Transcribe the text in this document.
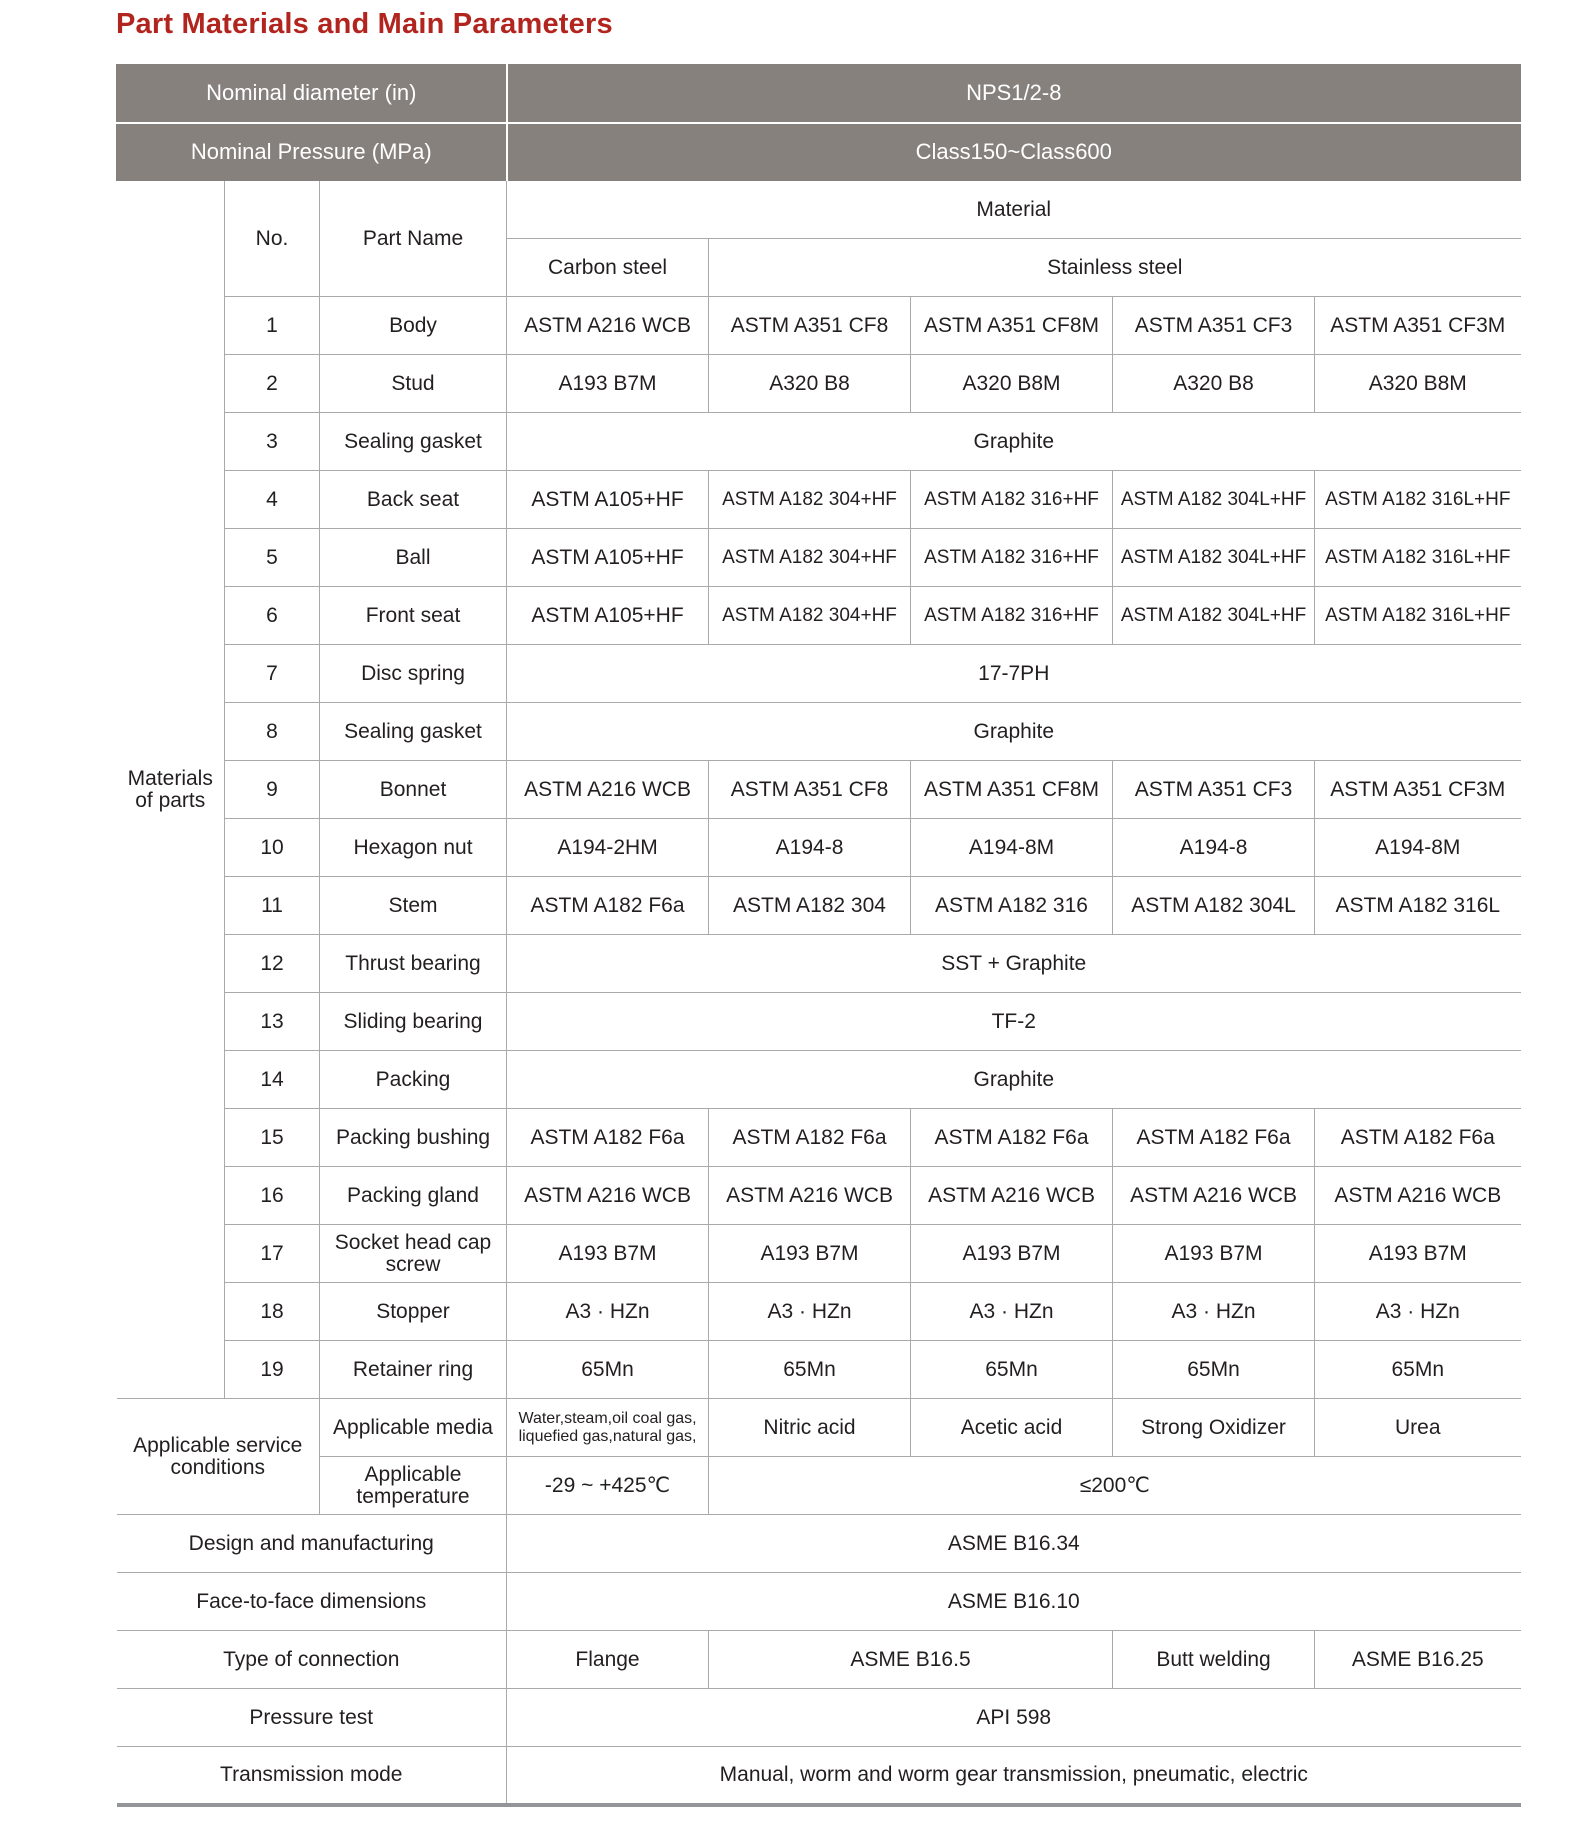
Part Materials and Main Parameters
Nominal diameter (in)			NPS1/2-8				
Nominal Pressure (MPa)			Class150~Class600				
Materials of parts	No.	Part Name	Material				
			Carbon steel	Stainless steel			
	1	Body	ASTM A216 WCB	ASTM A351 CF8	ASTM A351 CF8M	ASTM A351 CF3	ASTM A351 CF3M
	2	Stud	A193 B7M	A320 B8	A320 B8M	A320 B8	A320 B8M
	3	Sealing gasket	Graphite				
	4	Back seat	ASTM A105+HF	ASTM A182 304+HF	ASTM A182 316+HF	ASTM A182 304L+HF	ASTM A182 316L+HF
	5	Ball	ASTM A105+HF	ASTM A182 304+HF	ASTM A182 316+HF	ASTM A182 304L+HF	ASTM A182 316L+HF
	6	Front seat	ASTM A105+HF	ASTM A182 304+HF	ASTM A182 316+HF	ASTM A182 304L+HF	ASTM A182 316L+HF
	7	Disc spring	17-7PH				
	8	Sealing gasket	Graphite				
	9	Bonnet	ASTM A216 WCB	ASTM A351 CF8	ASTM A351 CF8M	ASTM A351 CF3	ASTM A351 CF3M
	10	Hexagon nut	A194-2HM	A194-8	A194-8M	A194-8	A194-8M
	11	Stem	ASTM A182 F6a	ASTM A182 304	ASTM A182 316	ASTM A182 304L	ASTM A182 316L
	12	Thrust bearing	SST + Graphite				
	13	Sliding bearing	TF-2				
	14	Packing	Graphite				
	15	Packing bushing	ASTM A182 F6a	ASTM A182 F6a	ASTM A182 F6a	ASTM A182 F6a	ASTM A182 F6a
	16	Packing gland	ASTM A216 WCB	ASTM A216 WCB	ASTM A216 WCB	ASTM A216 WCB	ASTM A216 WCB
	17	Socket head cap screw	A193 B7M	A193 B7M	A193 B7M	A193 B7M	A193 B7M
	18	Stopper	A3 · HZn	A3 · HZn	A3 · HZn	A3 · HZn	A3 · HZn
	19	Retainer ring	65Mn	65Mn	65Mn	65Mn	65Mn
Applicable service conditions		Applicable media	Water,steam,oil coal gas, liquefied gas,natural gas,	Nitric acid	Acetic acid	Strong Oxidizer	Urea
		Applicable temperature	-29 ~ +425℃	≤200℃			
Design and manufacturing			ASME B16.34				
Face-to-face dimensions			ASME B16.10				
Type of connection			Flange	ASME B16.5		Butt welding	ASME B16.25
Pressure test			API 598				
Transmission mode			Manual, worm and worm gear transmission, pneumatic, electric				
